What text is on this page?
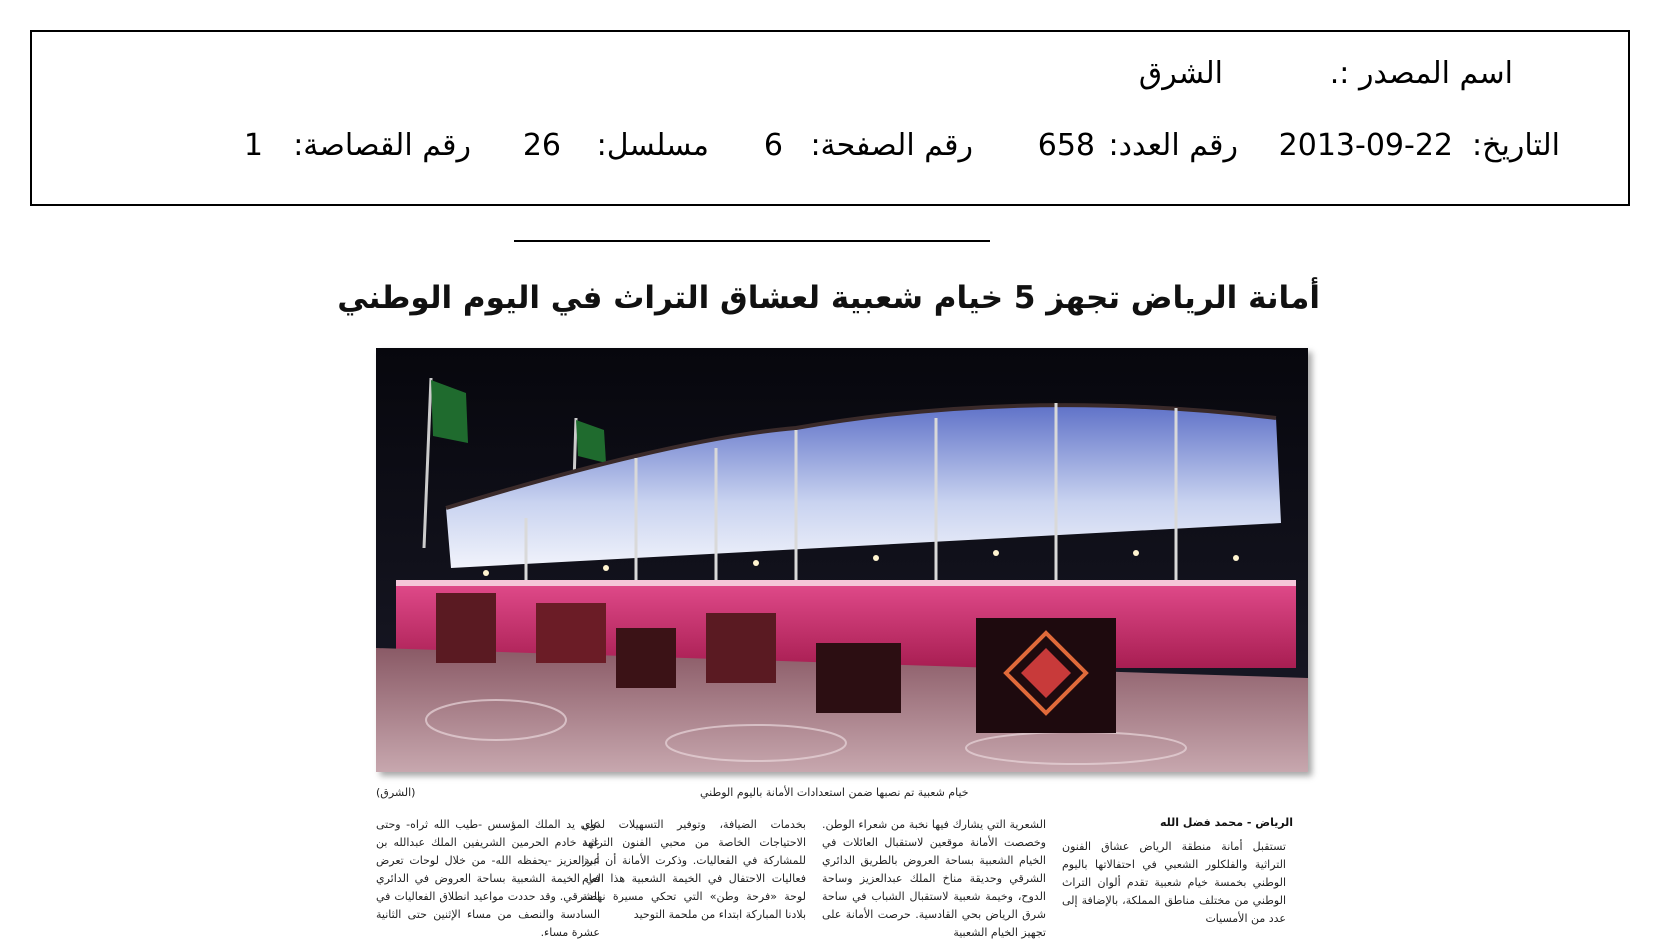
اسم المصدر :.
الشرق
التاريخ:
2013-09-22
رقم العدد:
658
رقم الصفحة:
6
مسلسل:
26
رقم القصاصة:
1
أمانة الرياض تجهز 5 خيام شعبية لعشاق التراث في اليوم الوطني
خيام شعبية تم نصبها ضمن استعدادات الأمانة باليوم الوطني
(الشرق)
الرياض - محمد فضل الله
تستقبل أمانة منطقة الرياض عشاق الفنون التراثية والفلكلور الشعبي في احتفالاتها باليوم الوطني بخمسة خيام شعبية تقدم ألوان التراث الوطني من مختلف مناطق المملكة، بالإضافة إلى عدد من الأمسيات
الشعرية التي يشارك فيها نخبة من شعراء الوطن. وخصصت الأمانة موقعين لاستقبال العائلات في الخيام الشعبية بساحة العروض بالطريق الدائري الشرقي وحديقة مناخ الملك عبدالعزيز وساحة الدوح، وخيمة شعبية لاستقبال الشباب في ساحة شرق الرياض بحي القادسية. حرصت الأمانة على تجهيز الخيام الشعبية
بخدمات الضيافة، وتوفير التسهيلات لذوي الاحتياجات الخاصة من محبي الفنون التراثية للمشاركة في الفعاليات. وذكرت الأمانة أن أبرز فعاليات الاحتفال في الخيمة الشعبية هذا العام لوحة «فرحة وطن» التي تحكي مسيرة نهضة بلادنا المباركة ابتداء من ملحمة التوحيد
على يد الملك المؤسس -طيب الله ثراه- وحتى عهد خادم الحرمين الشريفين الملك عبدالله بن عبدالعزيز -يحفظه الله- من خلال لوحات تعرض في الخيمة الشعبية بساحة العروض في الدائري الشرقي. وقد حددت مواعيد انطلاق الفعاليات في السادسة والنصف من مساء الإثنين حتى الثانية عشرة مساء.
